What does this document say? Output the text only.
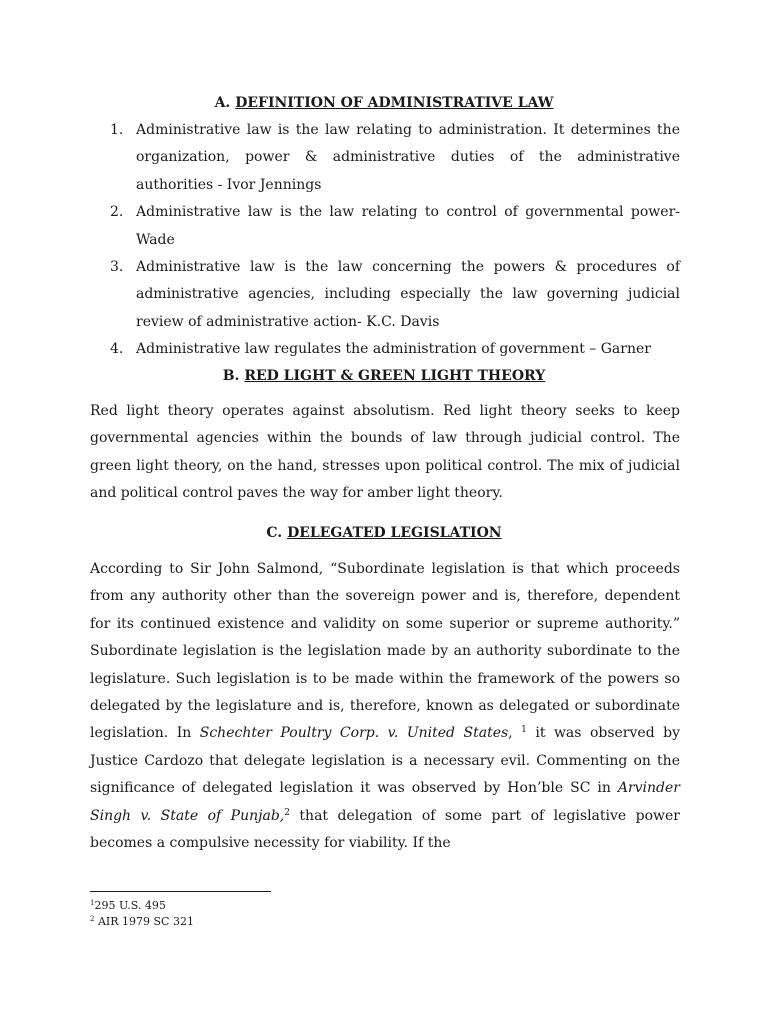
A. DEFINITION OF ADMINISTRATIVE LAW
1. Administrative law is the law relating to administration. It determines the organization, power & administrative duties of the administrative authorities - Ivor Jennings
2. Administrative law is the law relating to control of governmental power- Wade
3. Administrative law is the law concerning the powers & procedures of administrative agencies, including especially the law governing judicial review of administrative action- K.C. Davis
4. Administrative law regulates the administration of government – Garner
B. RED LIGHT & GREEN LIGHT THEORY

Red light theory operates against absolutism. Red light theory seeks to keep governmental agencies within the bounds of law through judicial control. The green light theory, on the hand, stresses upon political control. The mix of judicial and political control paves the way for amber light theory.

C. DELEGATED LEGISLATION

According to Sir John Salmond, “Subordinate legislation is that which proceeds from any authority other than the sovereign power and is, therefore, dependent for its continued existence and validity on some superior or supreme authority.” Subordinate legislation is the legislation made by an authority subordinate to the legislature. Such legislation is to be made within the framework of the powers so delegated by the legislature and is, therefore, known as delegated or subordinate legislation. In Schechter Poultry Corp. v. United States, $^1$ it was observed by Justice Cardozo that delegate legislation is a necessary evil. Commenting on the significance of delegated legislation it was observed by Hon’ble SC in Arvinder Singh v. State of Punjab,$^2$ that delegation of some part of legislative power becomes a compulsive necessity for viability. If the

$^1$295 U.S. 495
$^2$ AIR 1979 SC 321
